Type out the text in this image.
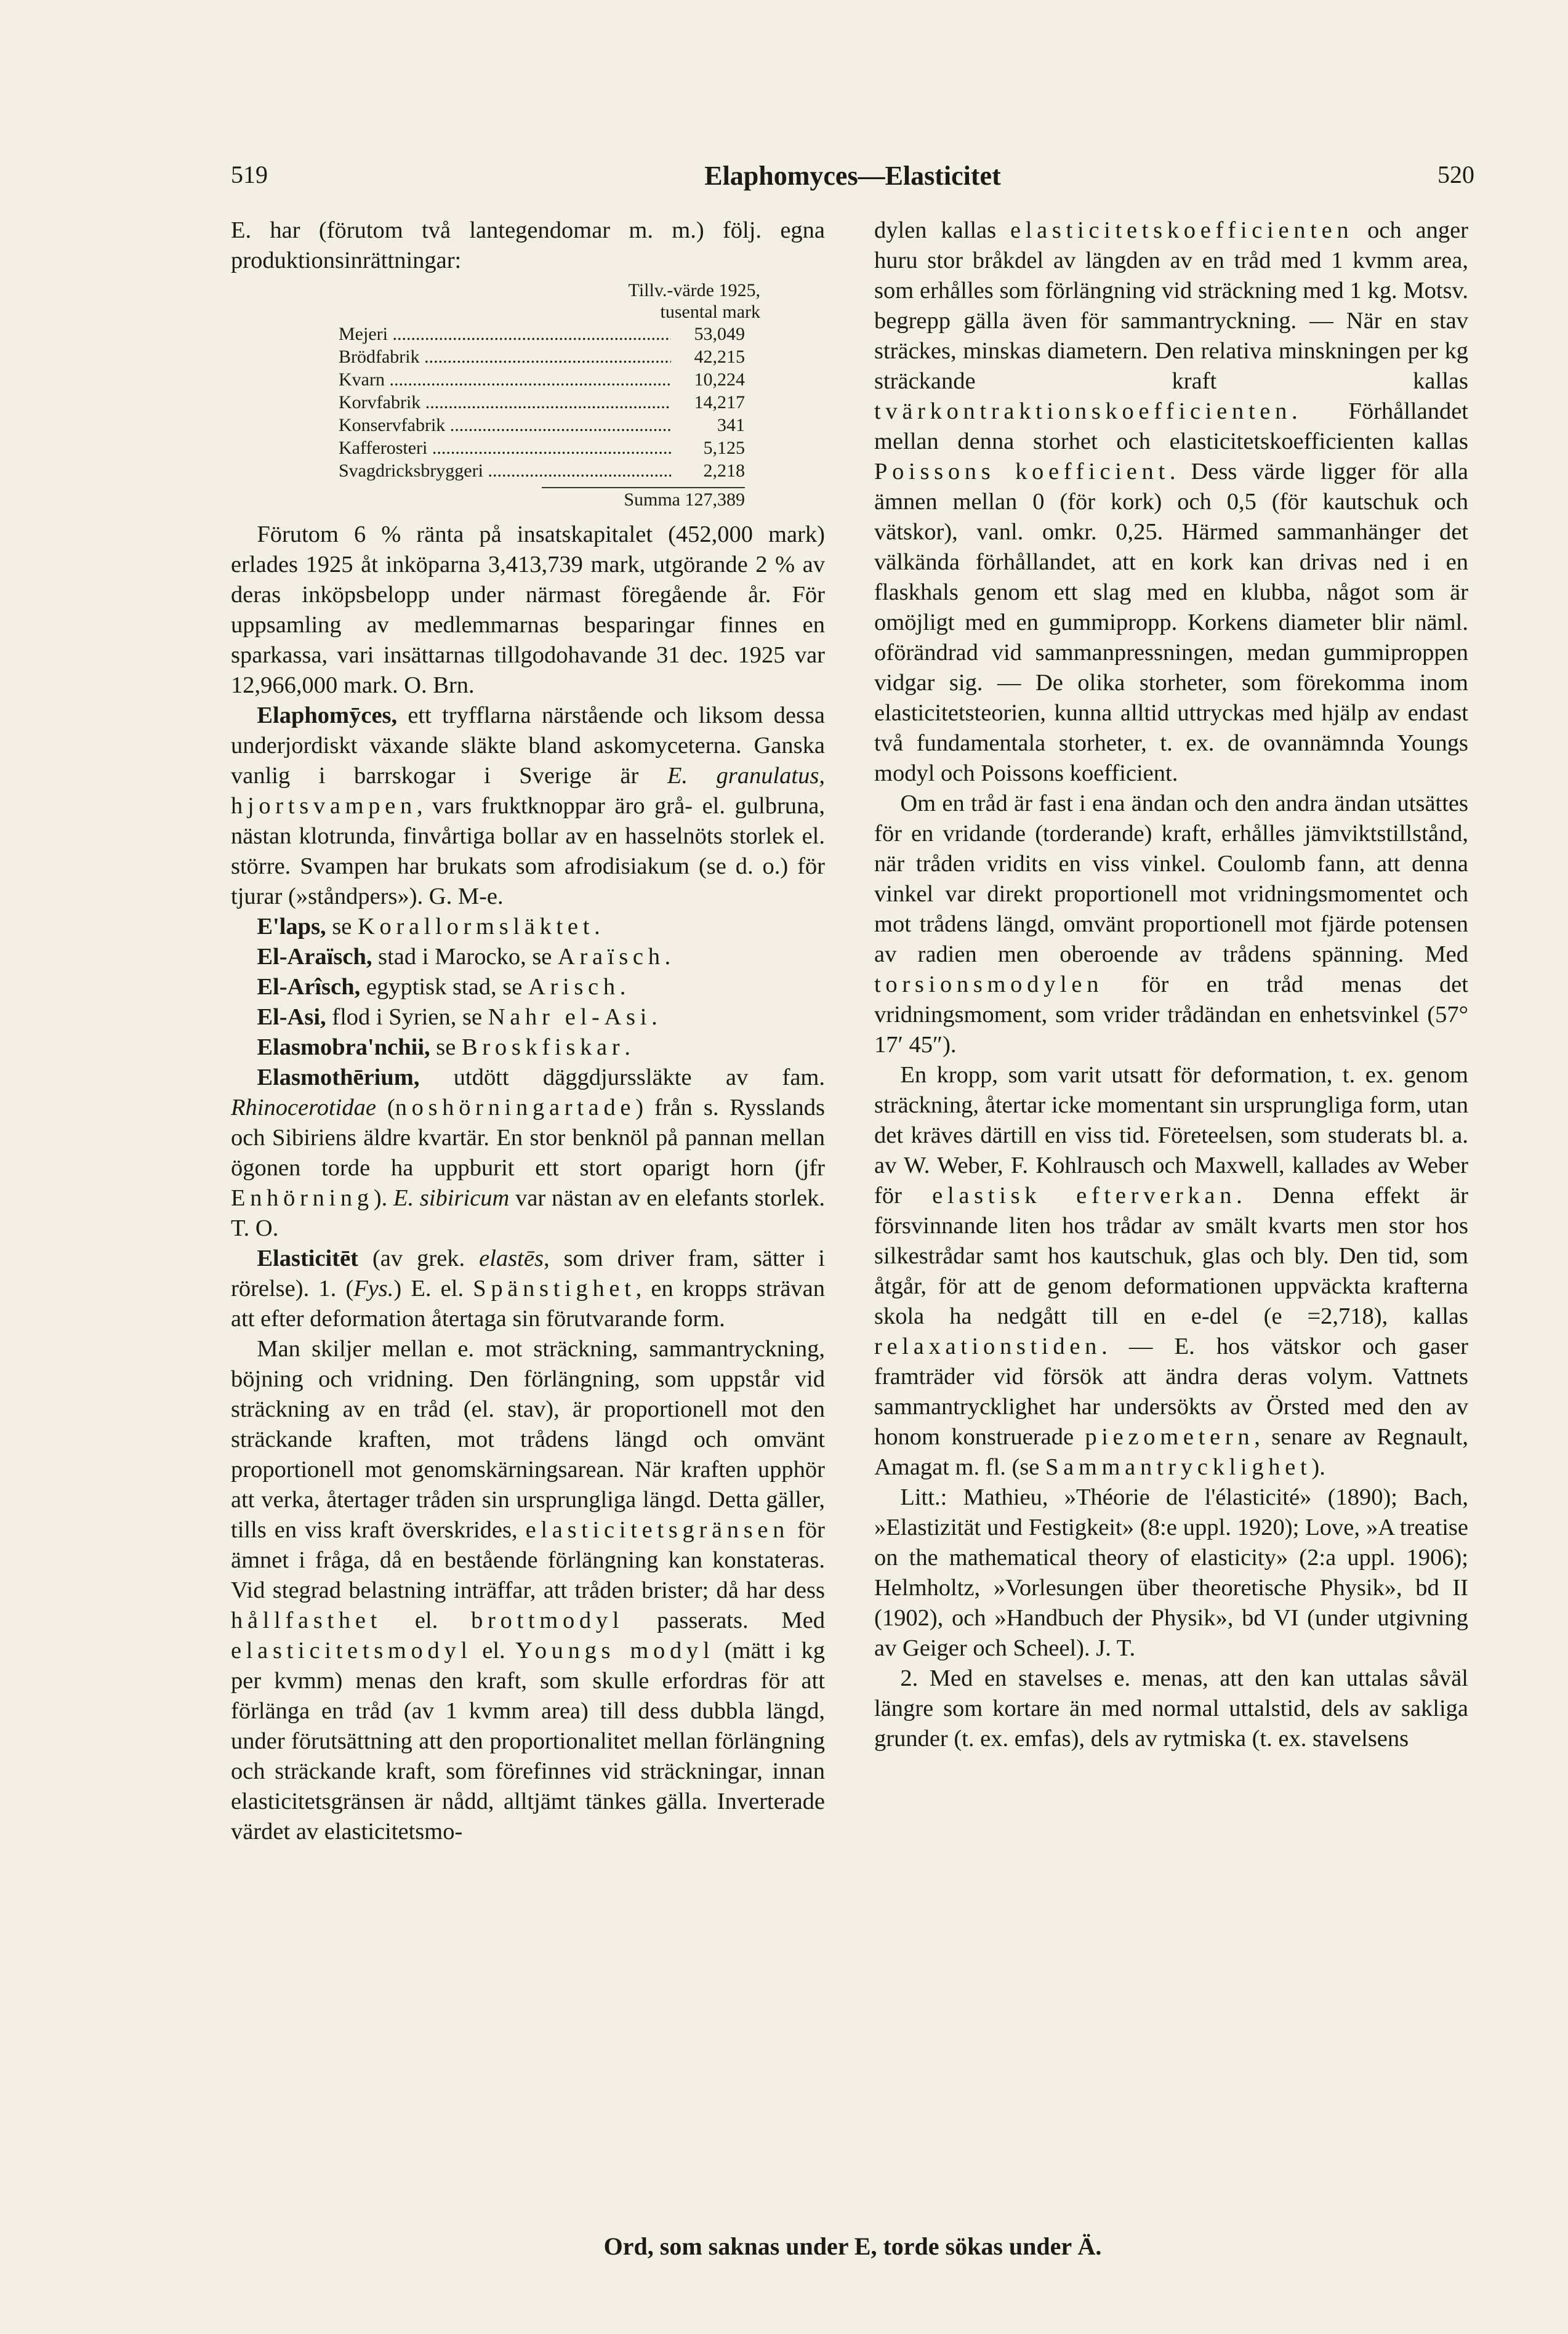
519	Elaphomyces—Elasticitet	520

E. har (förutom två lantegendomar m. m.) följ. egna produktionsinrättningar:

Tillv.-värde 1925,
tusental mark
Mejeri .....	53,049
Brödfabrik .....	42,215
Kvarn .....	10,224
Korvfabrik .....	14,217
Konservfabrik .....	341
Kafferosteri .....	5,125
Svagdricksbryggeri .....	2,218
Summa 127,389

Förutom 6 % ränta på insatskapitalet (452,000 mark) erlades 1925 åt inköparna 3,413,739 mark, utgörande 2 % av deras inköpsbelopp under närmast föregående år. För uppsamling av medlemmarnas besparingar finnes en sparkassa, vari insättarnas tillgodohavande 31 dec. 1925 var 12,966,000 mark. O. Brn.

Elaphomȳces, ett tryfflarna närstående och liksom dessa underjordiskt växande släkte bland askomyceterna. Ganska vanlig i barrskogar i Sverige är E. granulatus, hjortsvampen, vars fruktknoppar äro grå- el. gulbruna, nästan klotrunda, finvårtiga bollar av en hasselnöts storlek el. större. Svampen har brukats som afrodisiakum (se d. o.) för tjurar (»ståndpers»). G. M-e.

E'laps, se Korallormsläktet.

El-Araïsch, stad i Marocko, se Araïsch.

El-Arîsch, egyptisk stad, se Arisch.

El-Asi, flod i Syrien, se Nahr el-Asi.

Elasmobra'nchii, se Broskfiskar.

Elasmothērium, utdött däggdjurssläkte av fam. Rhinocerotidae (noshörningartade) från s. Rysslands och Sibiriens äldre kvartär. En stor benknöl på pannan mellan ögonen torde ha uppburit ett stort oparigt horn (jfr Enhörning). E. sibiricum var nästan av en elefants storlek. T. O.

Elasticitēt (av grek. elastēs, som driver fram, sätter i rörelse). 1. (Fys.) E. el. Spänstighet, en kropps strävan att efter deformation återtaga sin förutvarande form.

Man skiljer mellan e. mot sträckning, sammantryckning, böjning och vridning. Den förlängning, som uppstår vid sträckning av en tråd (el. stav), är proportionell mot den sträckande kraften, mot trådens längd och omvänt proportionell mot genomskärningsarean. När kraften upphör att verka, återtager tråden sin ursprungliga längd. Detta gäller, tills en viss kraft överskrides, elasticitetsgränsen för ämnet i fråga, då en bestående förlängning kan konstateras. Vid stegrad belastning inträffar, att tråden brister; då har dess hållfasthet el. brottmodyl passerats. Med elasticitetsmodyl el. Youngs modyl (mätt i kg per kvmm) menas den kraft, som skulle erfordras för att förlänga en tråd (av 1 kvmm area) till dess dubbla längd, under förutsättning att den proportionalitet mellan förlängning och sträckande kraft, som förefinnes vid sträckningar, innan elasticitetsgränsen är nådd, alltjämt tänkes gälla. Inverterade värdet av elasticitetsmo-

dylen kallas elasticitetskoefficienten och anger huru stor bråkdel av längden av en tråd med 1 kvmm area, som erhålles som förlängning vid sträckning med 1 kg. Motsv. begrepp gälla även för sammantryckning. — När en stav sträckes, minskas diametern. Den relativa minskningen per kg sträckande kraft kallas tvärkontraktionskoefficienten. Förhållandet mellan denna storhet och elasticitetskoefficienten kallas Poissons koefficient. Dess värde ligger för alla ämnen mellan 0 (för kork) och 0,5 (för kautschuk och vätskor), vanl. omkr. 0,25. Härmed sammanhänger det välkända förhållandet, att en kork kan drivas ned i en flaskhals genom ett slag med en klubba, något som är omöjligt med en gummipropp. Korkens diameter blir näml. oförändrad vid sammanpressningen, medan gummiproppen vidgar sig. — De olika storheter, som förekomma inom elasticitetsteorien, kunna alltid uttryckas med hjälp av endast två fundamentala storheter, t. ex. de ovannämnda Youngs modyl och Poissons koefficient.

Om en tråd är fast i ena ändan och den andra ändan utsättes för en vridande (torderande) kraft, erhålles jämviktstillstånd, när tråden vridits en viss vinkel. Coulomb fann, att denna vinkel var direkt proportionell mot vridningsmomentet och mot trådens längd, omvänt proportionell mot fjärde potensen av radien men oberoende av trådens spänning. Med torsionsmodylen för en tråd menas det vridningsmoment, som vrider trådändan en enhetsvinkel (57° 17′ 45″).

En kropp, som varit utsatt för deformation, t. ex. genom sträckning, återtar icke momentant sin ursprungliga form, utan det kräves därtill en viss tid. Företeelsen, som studerats bl. a. av W. Weber, F. Kohlrausch och Maxwell, kallades av Weber för elastisk efterverkan. Denna effekt är försvinnande liten hos trådar av smält kvarts men stor hos silkestrådar samt hos kautschuk, glas och bly. Den tid, som åtgår, för att de genom deformationen uppväckta krafterna skola ha nedgått till en e-del (e =2,718), kallas relaxationstiden. — E. hos vätskor och gaser framträder vid försök att ändra deras volym. Vattnets sammantrycklighet har undersökts av Örsted med den av honom konstruerade piezometern, senare av Regnault, Amagat m. fl. (se Sammantrycklighet).

Litt.: Mathieu, »Théorie de l'élasticité» (1890); Bach, »Elastizität und Festigkeit» (8:e uppl. 1920); Love, »A treatise on the mathematical theory of elasticity» (2:a uppl. 1906); Helmholtz, »Vorlesungen über theoretische Physik», bd II (1902), och »Handbuch der Physik», bd VI (under utgivning av Geiger och Scheel). J. T.

2. Med en stavelses e. menas, att den kan uttalas såväl längre som kortare än med normal uttalstid, dels av sakliga grunder (t. ex. emfas), dels av rytmiska (t. ex. stavelsens

Ord, som saknas under E, torde sökas under Ä.
